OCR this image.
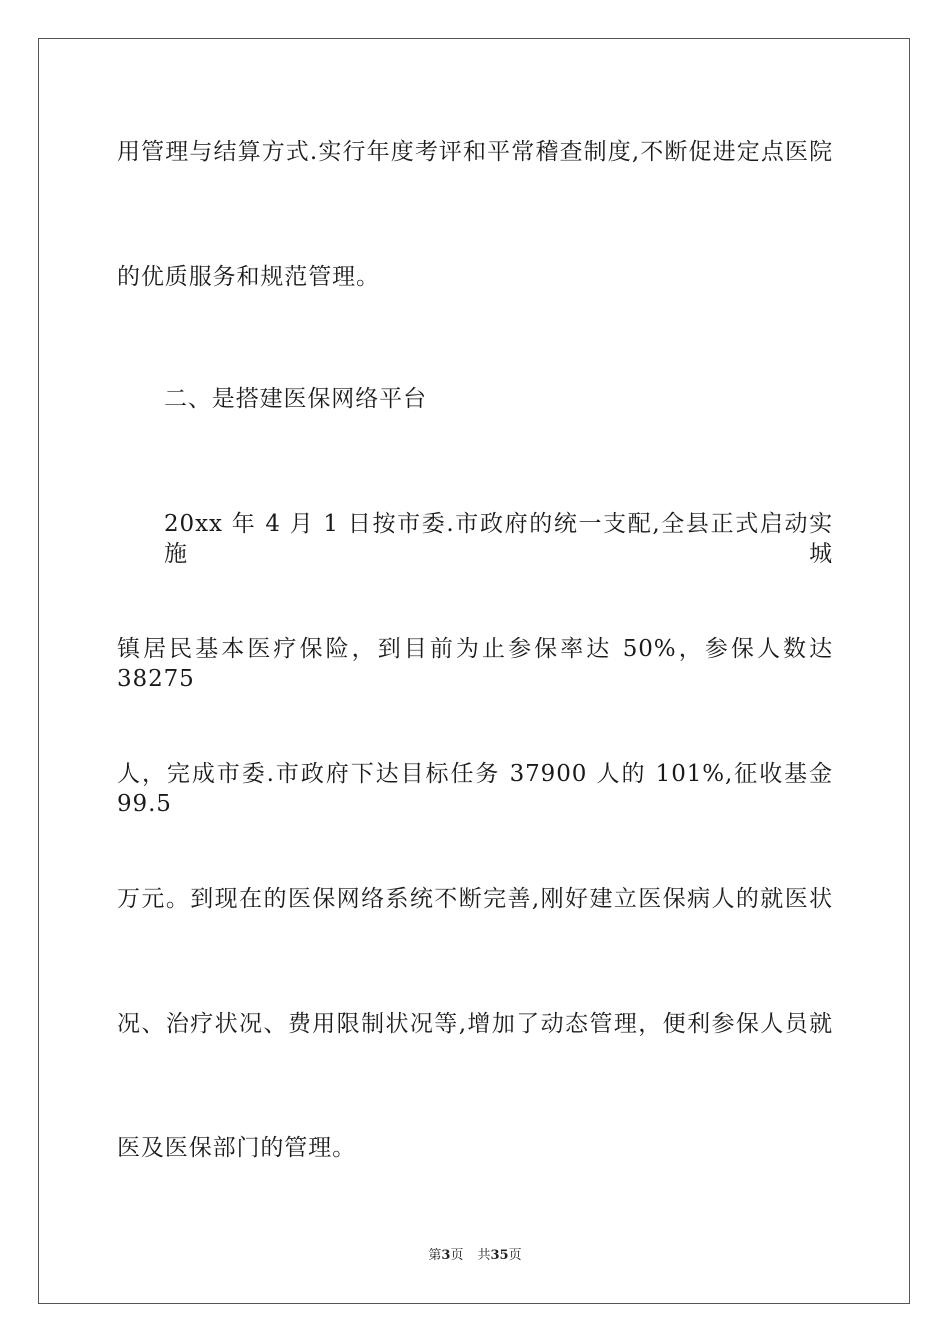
用管理与结算方式.实行年度考评和平常稽查制度,不断促进定点医院
的优质服务和规范管理。
二、是搭建医保网络平台
20xx 年 4 月 1 日按市委.市政府的统一支配,全县正式启动实施城
镇居民基本医疗保险，到目前为止参保率达 50%，参保人数达 38275
人，完成市委.市政府下达目标任务 37900 人的 101%,征收基金 99.5
万元。到现在的医保网络系统不断完善,刚好建立医保病人的就医状
况、治疗状况、费用限制状况等,增加了动态管理，便利参保人员就
医及医保部门的管理。
第3页 共35页
